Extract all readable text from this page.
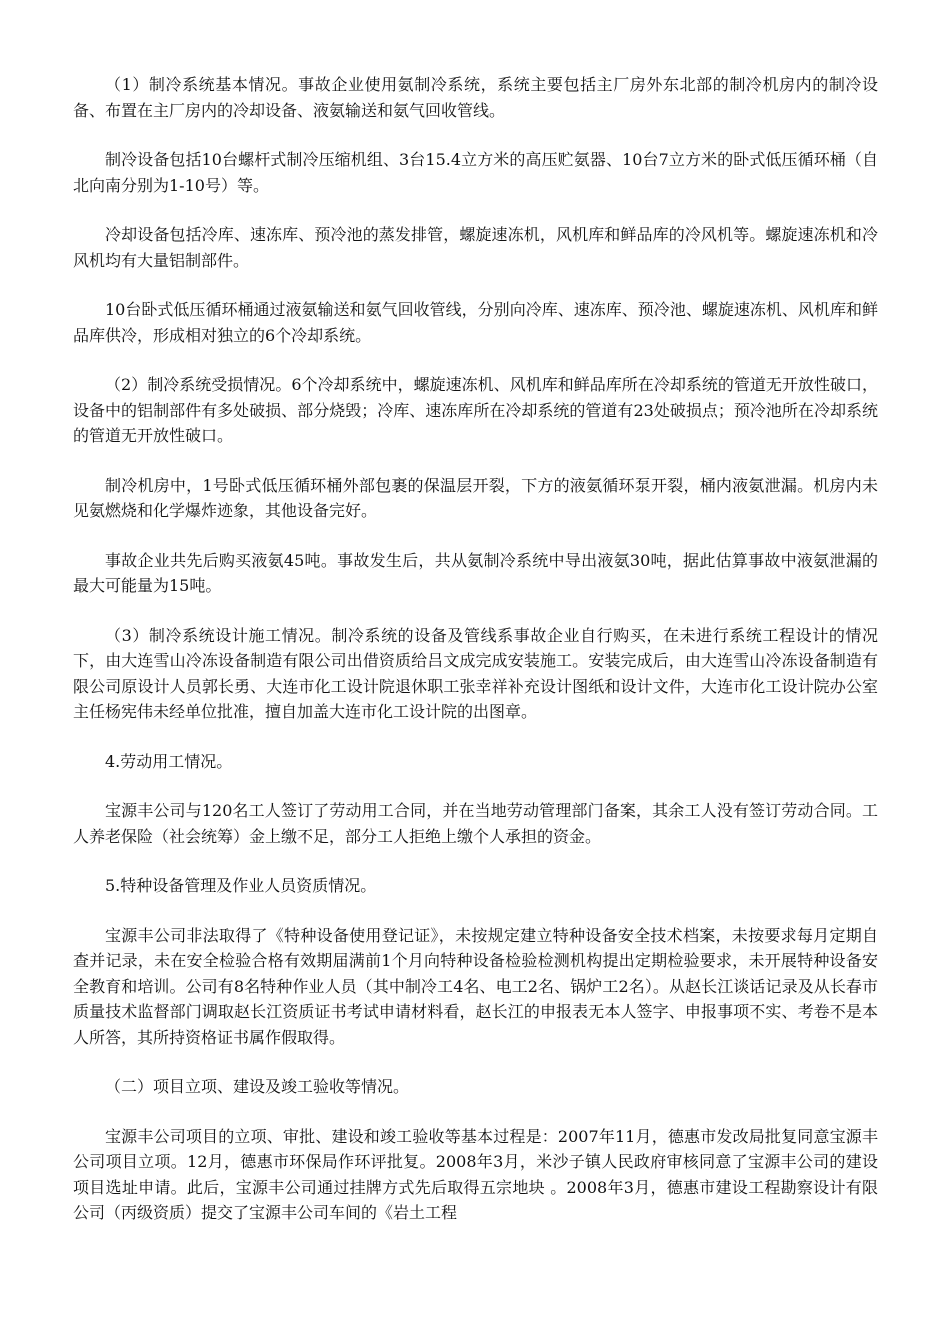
（1）制冷系统基本情况。事故企业使用氨制冷系统，系统主要包括主厂房外东北部的制冷机房内的制冷设备、布置在主厂房内的冷却设备、液氨输送和氨气回收管线。

制冷设备包括10台螺杆式制冷压缩机组、3台15.4立方米的高压贮氨器、10台7立方米的卧式低压循环桶（自北向南分别为1-10号）等。

冷却设备包括冷库、速冻库、预冷池的蒸发排管，螺旋速冻机，风机库和鲜品库的冷风机等。螺旋速冻机和冷风机均有大量铝制部件。

10台卧式低压循环桶通过液氨输送和氨气回收管线，分别向冷库、速冻库、预冷池、螺旋速冻机、风机库和鲜品库供冷，形成相对独立的6个冷却系统。

（2）制冷系统受损情况。6个冷却系统中，螺旋速冻机、风机库和鲜品库所在冷却系统的管道无开放性破口，设备中的铝制部件有多处破损、部分烧毁；冷库、速冻库所在冷却系统的管道有23处破损点；预冷池所在冷却系统的管道无开放性破口。

制冷机房中，1号卧式低压循环桶外部包裹的保温层开裂，下方的液氨循环泵开裂，桶内液氨泄漏。机房内未见氨燃烧和化学爆炸迹象，其他设备完好。

事故企业共先后购买液氨45吨。事故发生后，共从氨制冷系统中导出液氨30吨，据此估算事故中液氨泄漏的最大可能量为15吨。

（3）制冷系统设计施工情况。制冷系统的设备及管线系事故企业自行购买，在未进行系统工程设计的情况下，由大连雪山冷冻设备制造有限公司出借资质给吕文成完成安装施工。安装完成后，由大连雪山冷冻设备制造有限公司原设计人员郭长勇、大连市化工设计院退休职工张幸祥补充设计图纸和设计文件，大连市化工设计院办公室主任杨宪伟未经单位批准，擅自加盖大连市化工设计院的出图章。

4.劳动用工情况。

宝源丰公司与120名工人签订了劳动用工合同，并在当地劳动管理部门备案，其余工人没有签订劳动合同。工人养老保险（社会统筹）金上缴不足，部分工人拒绝上缴个人承担的资金。

5.特种设备管理及作业人员资质情况。

宝源丰公司非法取得了《特种设备使用登记证》，未按规定建立特种设备安全技术档案，未按要求每月定期自查并记录，未在安全检验合格有效期届满前1个月向特种设备检验检测机构提出定期检验要求，未开展特种设备安全教育和培训。公司有8名特种作业人员（其中制冷工4名、电工2名、锅炉工2名）。从赵长江谈话记录及从长春市质量技术监督部门调取赵长江资质证书考试申请材料看，赵长江的申报表无本人签字、申报事项不实、考卷不是本人所答，其所持资格证书属作假取得。

（二）项目立项、建设及竣工验收等情况。

宝源丰公司项目的立项、审批、建设和竣工验收等基本过程是：2007年11月，德惠市发改局批复同意宝源丰公司项目立项。12月，德惠市环保局作环评批复。2008年3月，米沙子镇人民政府审核同意了宝源丰公司的建设项目选址申请。此后，宝源丰公司通过挂牌方式先后取得五宗地块 。2008年3月，德惠市建设工程勘察设计有限公司（丙级资质）提交了宝源丰公司车间的《岩土工程
